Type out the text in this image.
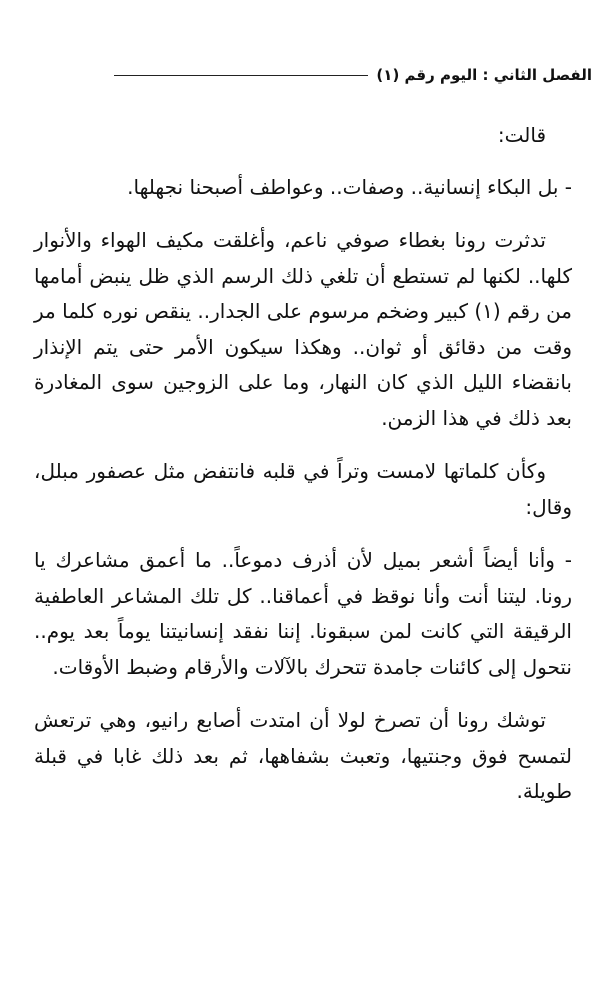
الفصل الثاني : اليوم رقم (١)

قالت:

- بل البكاء إنسانية.. وصفات.. وعواطف أصبحنا نجهلها.

تدثرت رونا بغطاء صوفي ناعم، وأغلقت مكيف الهواء والأنوار كلها.. لكنها لم تستطع أن تلغي ذلك الرسم الذي ظل ينبض أمامها من رقم (١) كبير وضخم مرسوم على الجدار.. ينقص نوره كلما مر وقت من دقائق أو ثوان.. وهكذا سيكون الأمر حتى يتم الإنذار بانقضاء الليل الذي كان النهار، وما على الزوجين سوى المغادرة بعد ذلك في هذا الزمن.

وكأن كلماتها لامست وتراً في قلبه فانتفض مثل عصفور مبلل، وقال:

- وأنا أيضاً أشعر بميل لأن أذرف دموعاً.. ما أعمق مشاعرك يا رونا. ليتنا أنت وأنا نوقظ في أعماقنا.. كل تلك المشاعر العاطفية الرقيقة التي كانت لمن سبقونا. إننا نفقد إنسانيتنا يوماً بعد يوم.. نتحول إلى كائنات جامدة تتحرك بالآلات والأرقام وضبط الأوقات.

توشك رونا أن تصرخ لولا أن امتدت أصابع رانيو، وهي ترتعش لتمسح فوق وجنتيها، وتعبث بشفاهها، ثم بعد ذلك غابا في قبلة طويلة.
